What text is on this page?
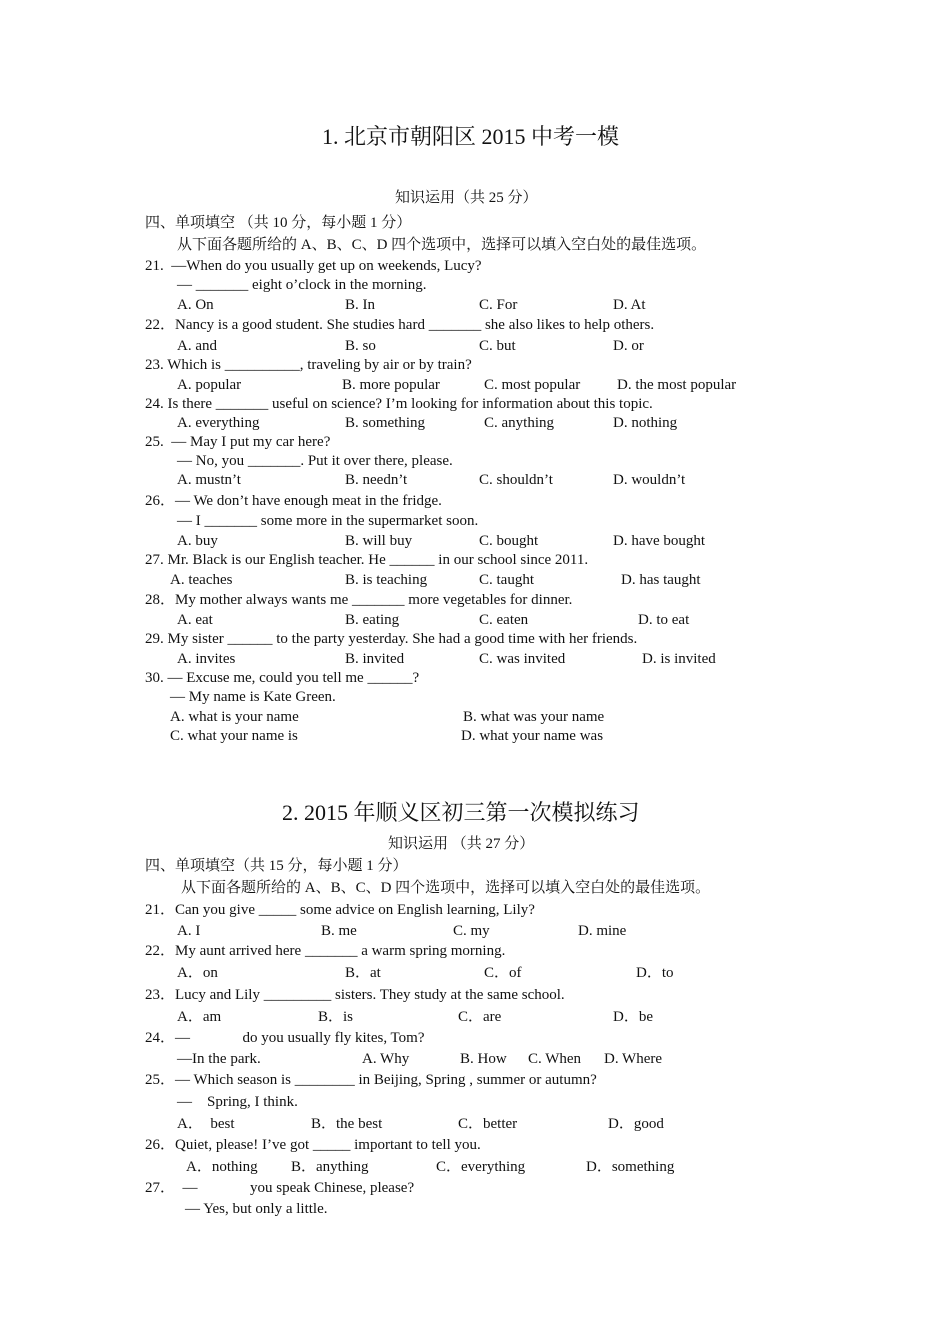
1. 北京市朝阳区 2015 中考一模
知识运用（共 25 分）
四、单项填空 （共 10 分，每小题 1 分）
从下面各题所给的 A、B、C、D 四个选项中，选择可以填入空白处的最佳选项。
21.  —When do you usually get up on weekends, Lucy?
— _______ eight o’clock in the morning.
A. On	B. In	C. For	D. At
22．Nancy is a good student. She studies hard _______ she also likes to help others.
A. and	B. so	C. but	D. or
23. Which is __________, traveling by air or by train?
A. popular	B. more popular	C. most popular D. the most popular
24. Is there _______ useful on science? I’m looking for information about this topic.
A. everything	B. something	C. anything	D. nothing
25.  — May I put my car here?
— No, you _______. Put it over there, please.
A. mustn’t	B. needn’t	C. shouldn’t	D. wouldn’t
26．— We don’t have enough meat in the fridge.
— I _______ some more in the supermarket soon.
A. buy	B. will buy	C. bought	D. have bought
27. Mr. Black is our English teacher. He ______ in our school since 2011.
A. teaches	B. is teaching	C. taught	D. has taught
28．My mother always wants me _______ more vegetables for dinner.
A. eat	B. eating	C. eaten	D. to eat
29. My sister ______ to the party yesterday. She had a good time with her friends.
A. invites	B. invited	C. was invited	D. is invited
30. — Excuse me, could you tell me ______?
— My name is Kate Green.
A. what is your name	B. what was your name
C. what your name is	D. what your name was
2. 2015 年顺义区初三第一次模拟练习
知识运用 （共 27 分）
四、单项填空（共 15 分，每小题 1 分）
从下面各题所给的 A、B、C、D 四个选项中，选择可以填入空白处的最佳选项。
21．Can you give _____ some advice on English learning, Lily?
A. I	B. me	C. my	D. mine
22．My aunt arrived here _______ a warm spring morning.
A．on	B．at	C．of	D．to
23．Lucy and Lily _________ sisters. They study at the same school.
A．am	B．is	C．are	D．be
24．—              do you usually fly kites, Tom?
—In the park.	A. Why	B. How C. When D. Where
25．— Which season is ________ in Beijing, Spring , summer or autumn?
—    Spring, I think.
A．  best	B．the best	C．better	D．good
26．Quiet, please! I’ve got _____ important to tell you.
A．nothing B．anything	C．everything	D．something
27．  —              you speak Chinese, please?
— Yes, but only a little.
